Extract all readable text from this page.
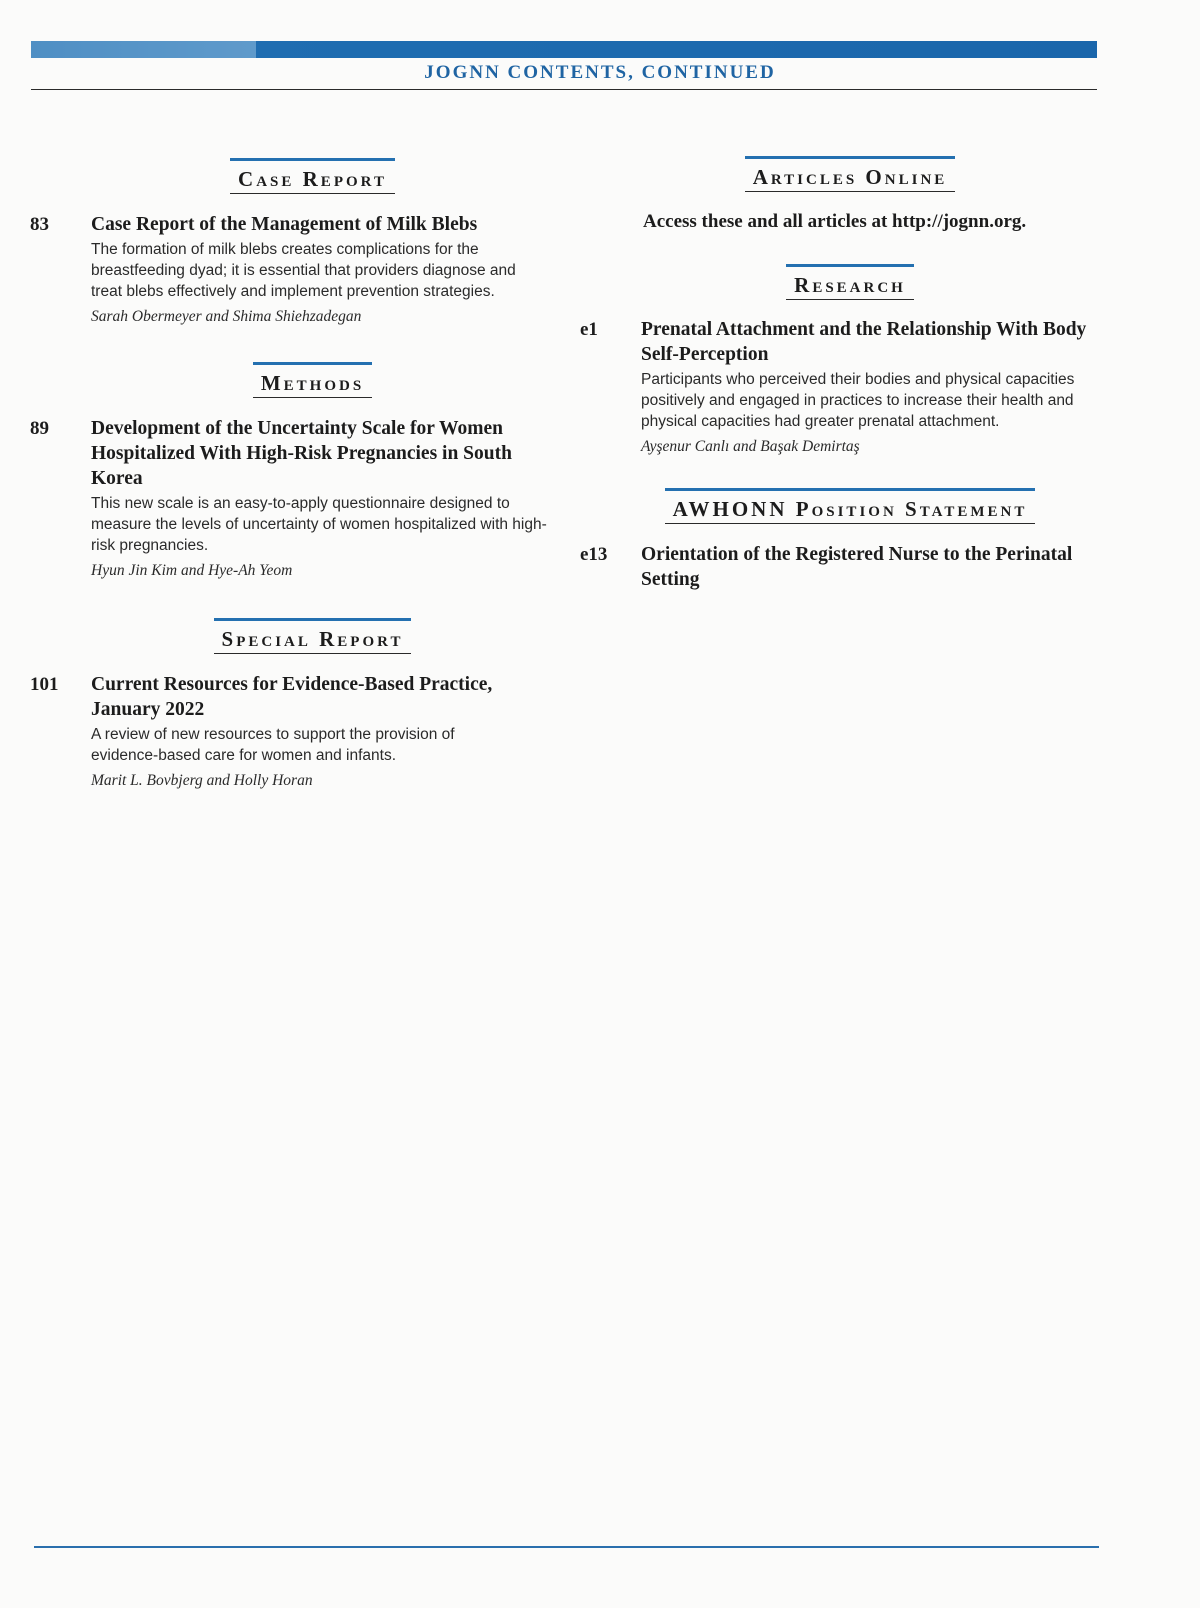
JOGNN CONTENTS, CONTINUED
Case Report
83	Case Report of the Management of Milk Blebs
The formation of milk blebs creates complications for the breastfeeding dyad; it is essential that providers diagnose and treat blebs effectively and implement prevention strategies.
Sarah Obermeyer and Shima Shiehzadegan
Methods
89	Development of the Uncertainty Scale for Women Hospitalized With High-Risk Pregnancies in South Korea
This new scale is an easy-to-apply questionnaire designed to measure the levels of uncertainty of women hospitalized with high-risk pregnancies.
Hyun Jin Kim and Hye-Ah Yeom
Special Report
101	Current Resources for Evidence-Based Practice, January 2022
A review of new resources to support the provision of evidence-based care for women and infants.
Marit L. Bovbjerg and Holly Horan
Articles Online
Access these and all articles at http://jognn.org.
Research
e1	Prenatal Attachment and the Relationship With Body Self-Perception
Participants who perceived their bodies and physical capacities positively and engaged in practices to increase their health and physical capacities had greater prenatal attachment.
Ayşenur Canlı and Başak Demirtaş
AWHONN Position Statement
e13	Orientation of the Registered Nurse to the Perinatal Setting
